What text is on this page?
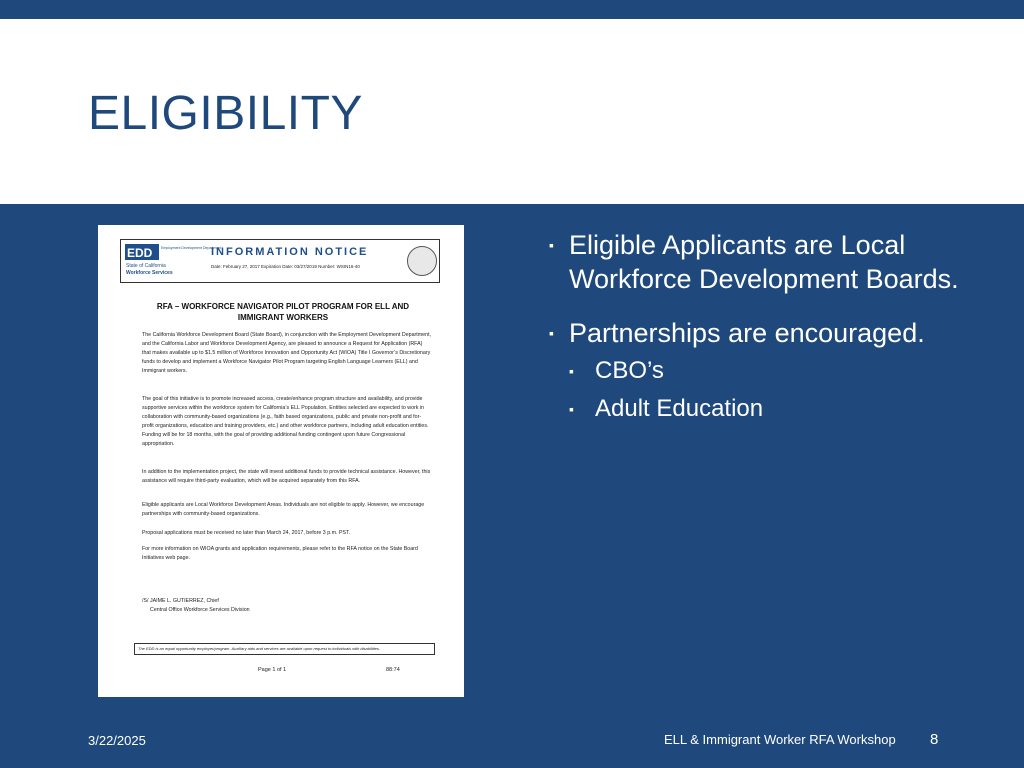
ELIGIBILITY
EDD Employment Development Department
State of California
Workforce Services
INFORMATION NOTICE
Date: February 27, 2017 Expiration Date: 03/27/2019 Number: WSIN16-40
RFA – WORKFORCE NAVIGATOR PILOT PROGRAM FOR ELL AND IMMIGRANT WORKERS
The California Workforce Development Board (State Board), in conjunction with the Employment Development Department, and the California Labor and Workforce Development Agency, are pleased to announce a Request for Application (RFA) that makes available up to $1.5 million of Workforce Innovation and Opportunity Act (WIOA) Title I Governor’s Discretionary funds to develop and implement a Workforce Navigator Pilot Program targeting English Language Learners (ELL) and Immigrant workers.
The goal of this initiative is to promote increased access, create/enhance program structure and availability, and provide supportive services within the workforce system for California’s ELL Population. Entities selected are expected to work in collaboration with community-based organizations (e.g., faith based organizations, public and private non-profit and for-profit organizations, education and training providers, etc.) and other workforce partners, including adult education entities. Funding will be for 18 months, with the goal of providing additional funding contingent upon future Congressional appropriation.
In addition to the implementation project, the state will invest additional funds to provide technical assistance. However, this assistance will require third-party evaluation, which will be acquired separately from this RFA.
Eligible applicants are Local Workforce Development Areas. Individuals are not eligible to apply. However, we encourage partnerships with community-based organizations.
Proposal applications must be received no later than March 24, 2017, before 3 p.m. PST.
For more information on WIOA grants and application requirements, please refer to the RFA notice on the State Board Initiatives web page.
/S/ JAIME L. GUTIERREZ, Chief
Central Office Workforce Services Division
The EDD is an equal opportunity employer/program. Auxiliary aids and services are available upon request to individuals with disabilities.
Page 1 of 1	88:74
▪ Eligible Applicants are Local Workforce Development Boards.
▪ Partnerships are encouraged.
▪ CBO’s
▪ Adult Education
3/22/2025	ELL & Immigrant Worker RFA Workshop 8
